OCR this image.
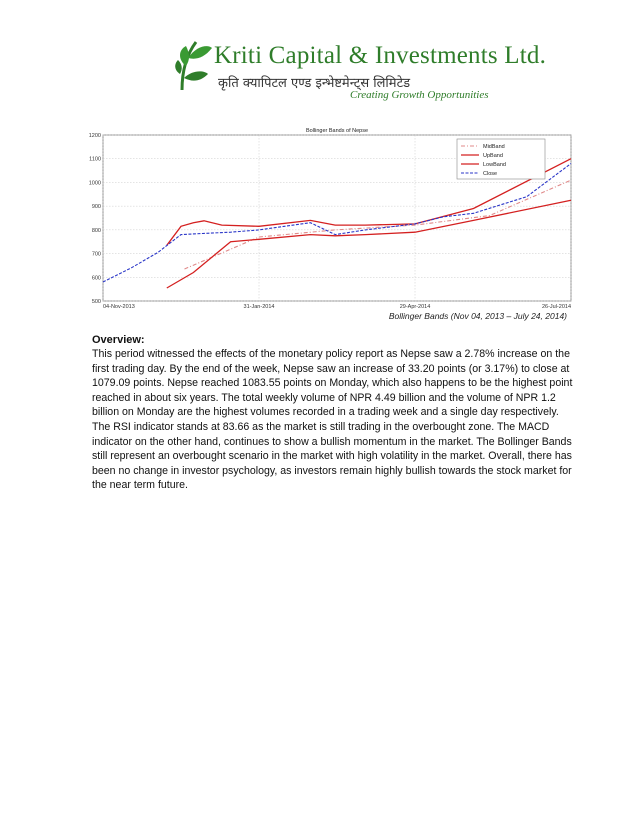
Kriti Capital & Investments Ltd.
कृति क्यापिटल एण्ड इन्भेष्टमेन्ट्स लिमिटेड
Creating Growth Opportunities
Bollinger Bands of Nepse
500
600
700
800
900
1000
1100
1200
04-Nov-2013	31-Jan-2014	29-Apr-2014	26-Jul-2014
MidBand
UpBand
LowBand
Close
Bollinger Bands (Nov 04, 2013 – July 24, 2014)
Overview:

This period witnessed the effects of the monetary policy report as Nepse saw a 2.78% increase on the first trading day. By the end of the week, Nepse saw an increase of 33.20 points (or 3.17%) to close at 1079.09 points. Nepse reached 1083.55 points on Monday, which also happens to be the highest point reached in about six years. The total weekly volume of NPR 4.49 billion and the volume of NPR 1.2 billion on Monday are the highest volumes recorded in a trading week and a single day respectively. The RSI indicator stands at 83.66 as the market is still trading in the overbought zone. The MACD indicator on the other hand, continues to show a bullish momentum in the market. The Bollinger Bands still represent an overbought scenario in the market with high volatility in the market. Overall, there has been no change in investor psychology, as investors remain highly bullish towards the stock market for the near term future.
